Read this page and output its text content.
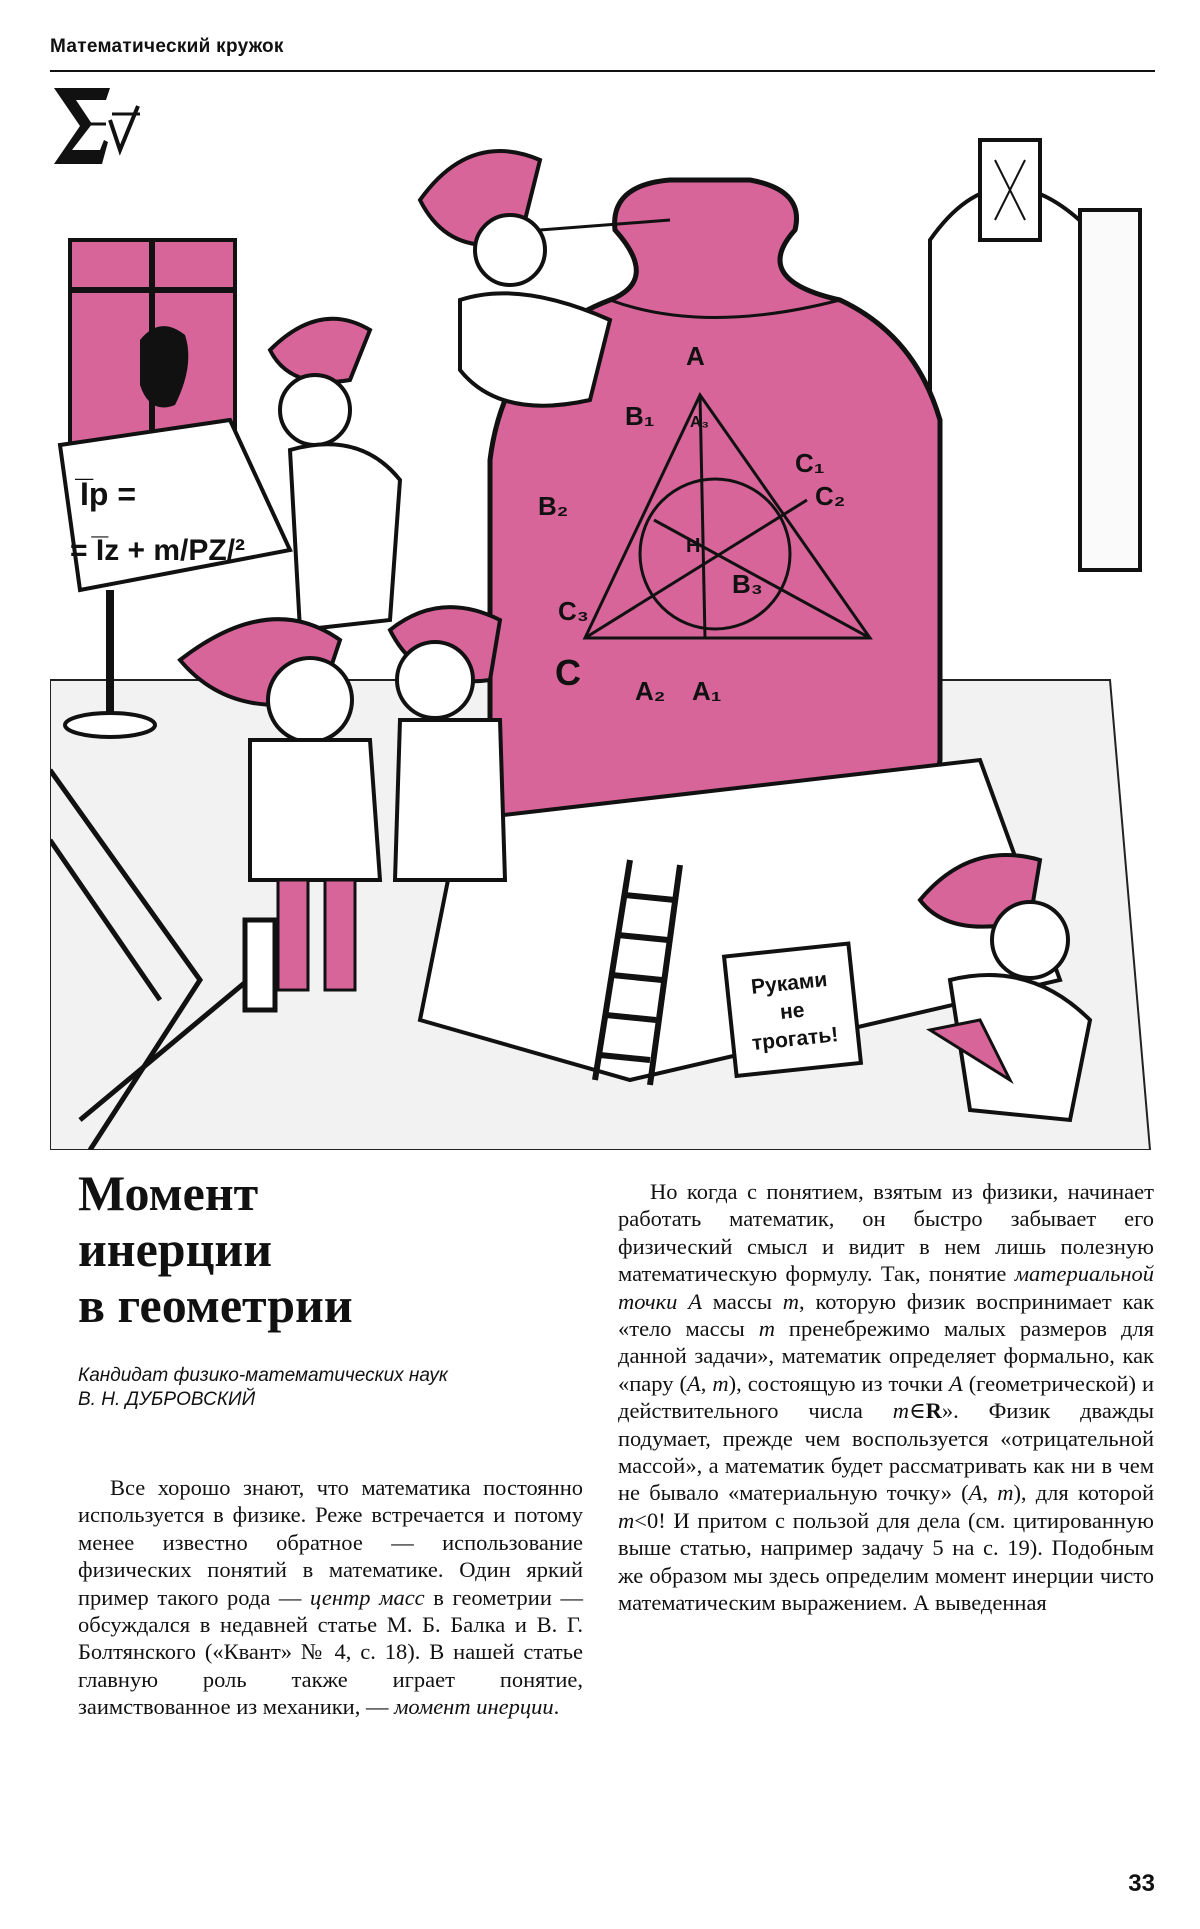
Математический кружок
I̅p =
= I̅z + m/PZ/²
A
B₁ A₃
C₁
C₂
B₂
H
B₃
C₃
C A₂ A₁
Руками
не
трогать!
Момент
инерции
в геометрии
Кандидат физико-математических наук
В. Н. ДУБРОВСКИЙ

Все хорошо знают, что математика постоянно используется в физике. Реже встречается и потому менее известно обратное — использование физических понятий в математике. Один яркий пример такого рода — центр масс в геометрии — обсуждался в недавней статье М. Б. Балка и В. Г. Болтянского («Квант» № 4, с. 18). В нашей статье главную роль также играет понятие, заимствованное из механики, — момент инерции.

Но когда с понятием, взятым из физики, начинает работать математик, он быстро забывает его физический смысл и видит в нем лишь полезную математическую формулу. Так, понятие материальной точки A массы m, которую физик воспринимает как «тело массы m пренебрежимо малых размеров для данной задачи», математик определяет формально, как «пару (A, m), состоящую из точки A (геометрической) и действительного числа m∈R». Физик дважды подумает, прежде чем воспользуется «отрицательной массой», а математик будет рассматривать как ни в чем не бывало «материальную точку» (A, m), для которой m<0! И притом с пользой для дела (см. цитированную выше статью, например задачу 5 на с. 19). Подобным же образом мы здесь определим момент инерции чисто математическим выражением. А выведенная

33
